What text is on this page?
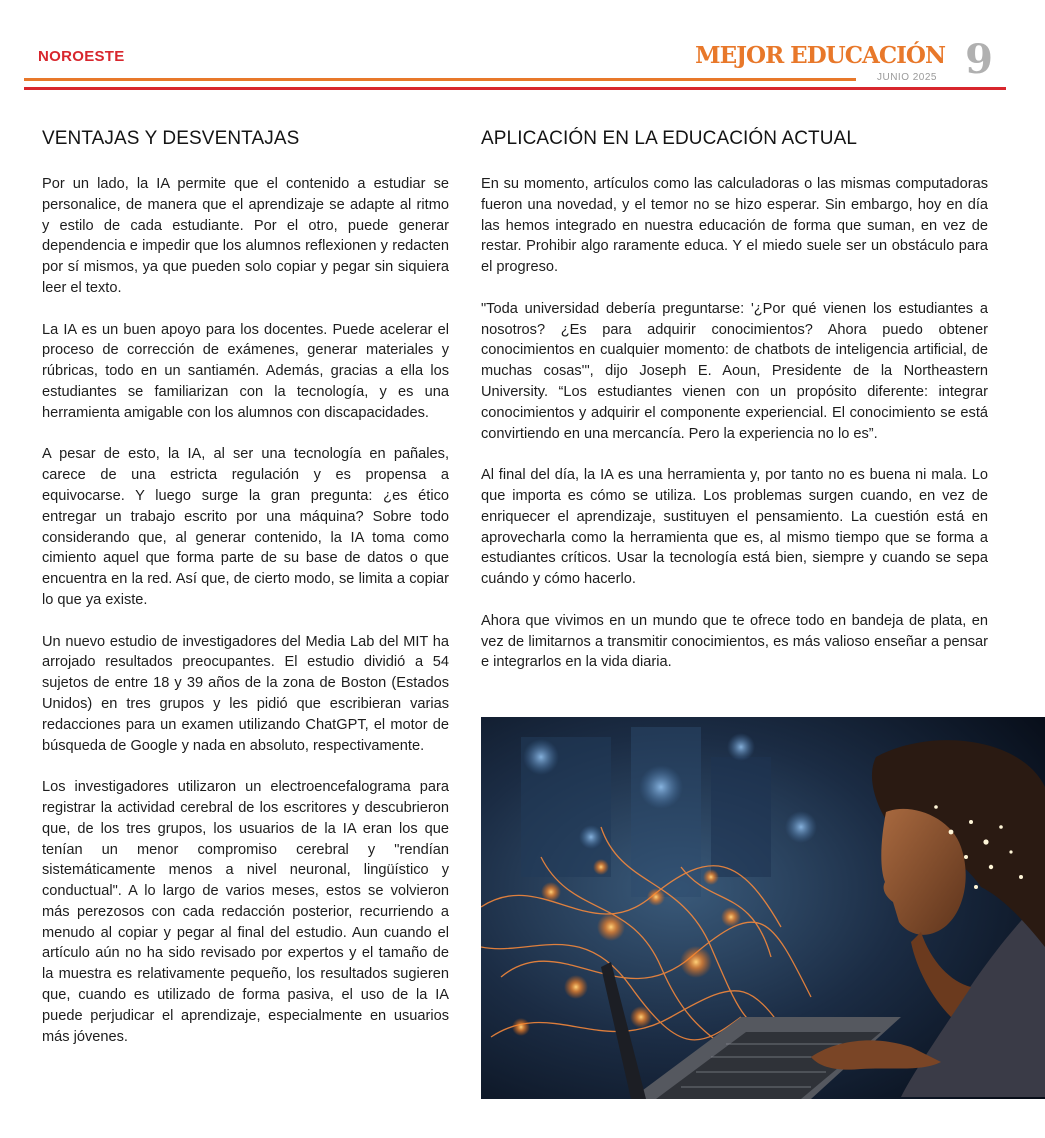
NOROESTE	MEJOR EDUCACIÓN
JUNIO 2025 9
VENTAJAS Y DESVENTAJAS

Por un lado, la IA permite que el contenido a estudiar se personalice, de manera que el aprendizaje se adapte al ritmo y estilo de cada estudiante. Por el otro, puede generar dependencia e impedir que los alumnos reflexionen y redacten por sí mismos, ya que pueden solo copiar y pegar sin siquiera leer el texto.

La IA es un buen apoyo para los docentes. Puede acelerar el proceso de corrección de exámenes, generar materiales y rúbricas, todo en un santiamén. Además, gracias a ella los estudiantes se familiarizan con la tecnología, y es una herramienta amigable con los alumnos con discapacidades.

A pesar de esto, la IA, al ser una tecnología en pañales, carece de una estricta regulación y es propensa a equivocarse. Y luego surge la gran pregunta: ¿es ético entregar un trabajo escrito por una máquina? Sobre todo considerando que, al generar contenido, la IA toma como cimiento aquel que forma parte de su base de datos o que encuentra en la red. Así que, de cierto modo, se limita a copiar lo que ya existe.

Un nuevo estudio de investigadores del Media Lab del MIT ha arrojado resultados preocupantes. El estudio dividió a 54 sujetos de entre 18 y 39 años de la zona de Boston (Estados Unidos) en tres grupos y les pidió que escribieran varias redacciones para un examen utilizando ChatGPT, el motor de búsqueda de Google y nada en absoluto, respectivamente.

Los investigadores utilizaron un electroencefalograma para registrar la actividad cerebral de los escritores y descubrieron que, de los tres grupos, los usuarios de la IA eran los que tenían un menor compromiso cerebral y "rendían sistemáticamente menos a nivel neuronal, lingüístico y conductual". A lo largo de varios meses, estos se volvieron más perezosos con cada redacción posterior, recurriendo a menudo al copiar y pegar al final del estudio. Aun cuando el artículo aún no ha sido revisado por expertos y el tamaño de la muestra es relativamente pequeño, los resultados sugieren que, cuando es utilizado de forma pasiva, el uso de la IA puede perjudicar el aprendizaje, especialmente en usuarios más jóvenes.

APLICACIÓN EN LA EDUCACIÓN ACTUAL

En su momento, artículos como las calculadoras o las mismas computadoras fueron una novedad, y el temor no se hizo esperar. Sin embargo, hoy en día las hemos integrado en nuestra educación de forma que suman, en vez de restar. Prohibir algo raramente educa. Y el miedo suele ser un obstáculo para el progreso.

"Toda universidad debería preguntarse: '¿Por qué vienen los estudiantes a nosotros? ¿Es para adquirir conocimientos? Ahora puedo obtener conocimientos en cualquier momento: de chatbots de inteligencia artificial, de muchas cosas'", dijo Joseph E. Aoun, Presidente de la Northeastern University. “Los estudiantes vienen con un propósito diferente: integrar conocimientos y adquirir el componente experiencial. El conocimiento se está convirtiendo en una mercancía. Pero la experiencia no lo es”.

Al final del día, la IA es una herramienta y, por tanto no es buena ni mala. Lo que importa es cómo se utiliza. Los problemas surgen cuando, en vez de enriquecer el aprendizaje, sustituyen el pensamiento. La cuestión está en aprovecharla como la herramienta que es, al mismo tiempo que se forma a estudiantes críticos. Usar la tecnología está bien, siempre y cuando se sepa cuándo y cómo hacerlo.

Ahora que vivimos en un mundo que te ofrece todo en bandeja de plata, en vez de limitarnos a transmitir conocimientos, es más valioso enseñar a pensar e integrarlos en la vida diaria.
